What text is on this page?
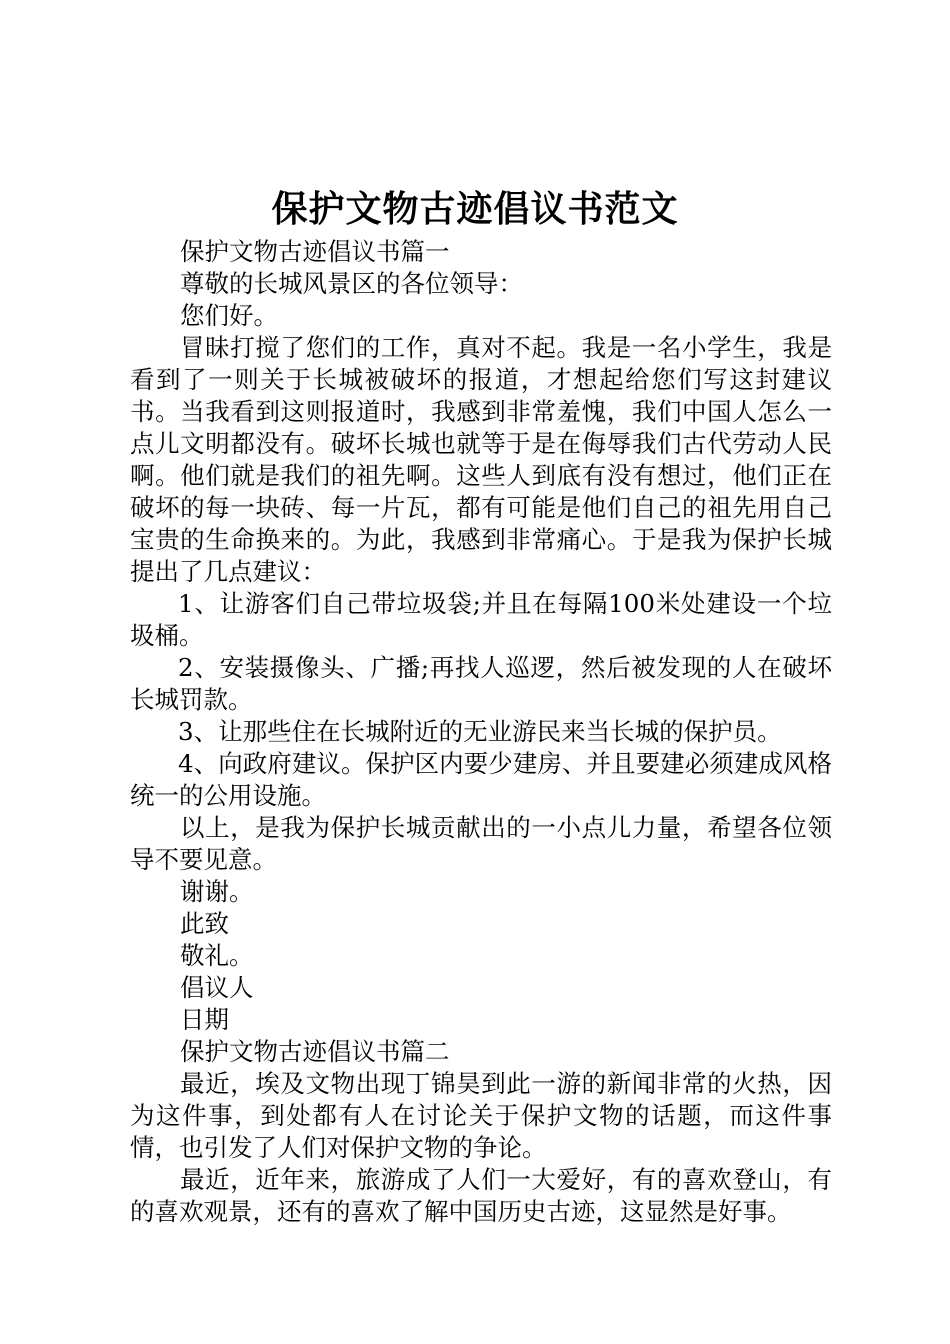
保护文物古迹倡议书范文

保护文物古迹倡议书篇一

尊敬的长城风景区的各位领导：

您们好。

冒昧打搅了您们的工作，真对不起。我是一名小学生，我是看到了一则关于长城被破坏的报道，才想起给您们写这封建议书。当我看到这则报道时，我感到非常羞愧，我们中国人怎么一点儿文明都没有。破坏长城也就等于是在侮辱我们古代劳动人民啊。他们就是我们的祖先啊。这些人到底有没有想过，他们正在破坏的每一块砖、每一片瓦，都有可能是他们自己的祖先用自己宝贵的生命换来的。为此，我感到非常痛心。于是我为保护长城提出了几点建议：

1、让游客们自己带垃圾袋;并且在每隔100米处建设一个垃圾桶。

2、安装摄像头、广播;再找人巡逻，然后被发现的人在破坏长城罚款。

3、让那些住在长城附近的无业游民来当长城的保护员。

4、向政府建议。保护区内要少建房、并且要建必须建成风格统一的公用设施。

以上，是我为保护长城贡献出的一小点儿力量，希望各位领导不要见意。

谢谢。

此致

敬礼。

倡议人

日期

保护文物古迹倡议书篇二

最近，埃及文物出现丁锦昊到此一游的新闻非常的火热，因为这件事，到处都有人在讨论关于保护文物的话题，而这件事情，也引发了人们对保护文物的争论。

最近，近年来，旅游成了人们一大爱好，有的喜欢登山，有的喜欢观景，还有的喜欢了解中国历史古迹，这显然是好事。
